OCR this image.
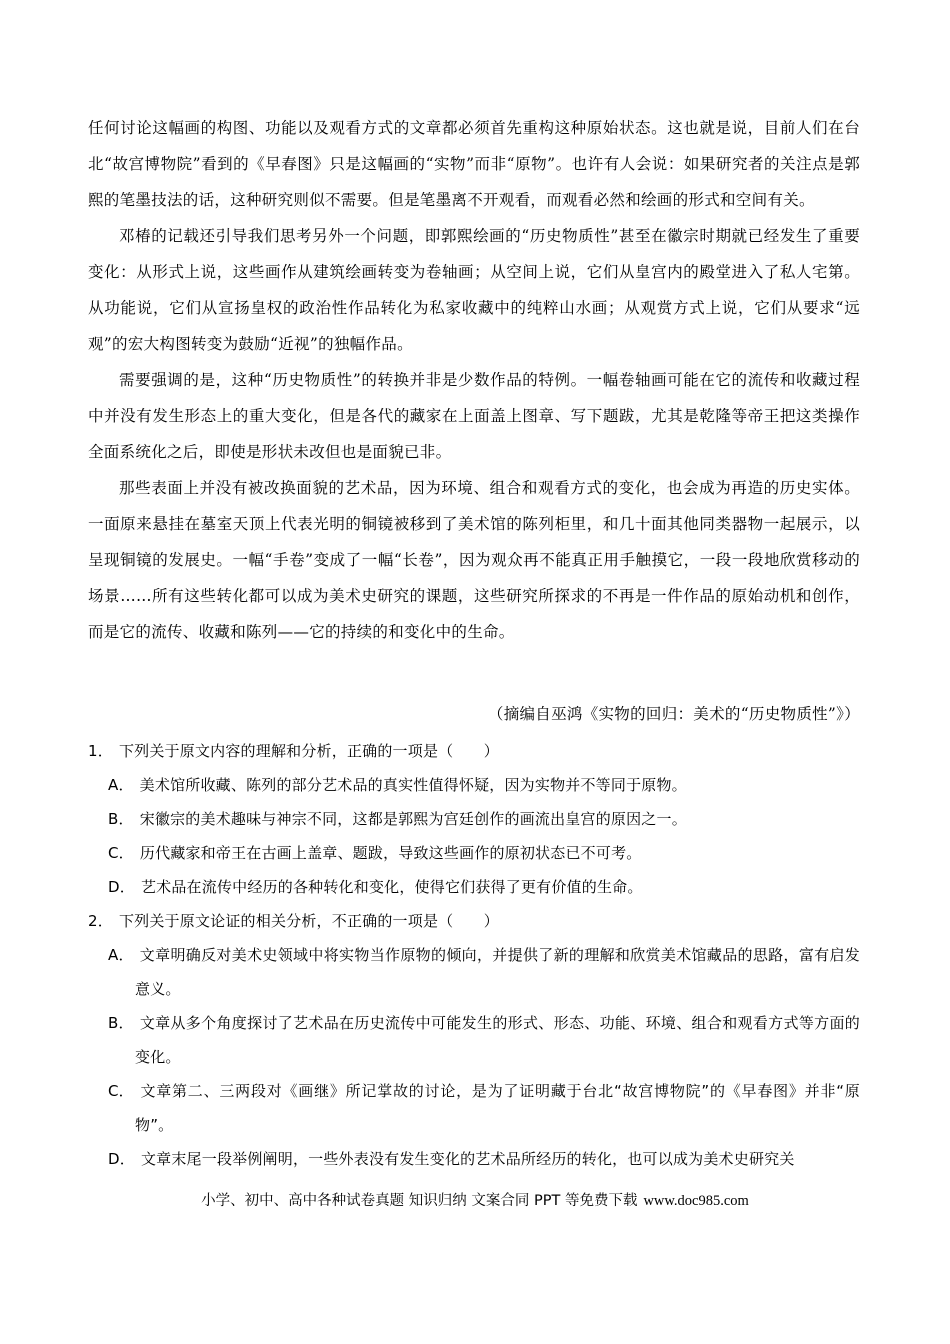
任何讨论这幅画的构图、功能以及观看方式的文章都必须首先重构这种原始状态。这也就是说，目前人们在台北“故宫博物院”看到的《早春图》只是这幅画的“实物”而非“原物”。也许有人会说：如果研究者的关注点是郭熙的笔墨技法的话，这种研究则似不需要。但是笔墨离不开观看，而观看必然和绘画的形式和空间有关。

邓椿的记载还引导我们思考另外一个问题，即郭熙绘画的“历史物质性”甚至在徽宗时期就已经发生了重要变化：从形式上说，这些画作从建筑绘画转变为卷轴画；从空间上说，它们从皇宫内的殿堂进入了私人宅第。从功能说，它们从宣扬皇权的政治性作品转化为私家收藏中的纯粹山水画；从观赏方式上说，它们从要求“远观”的宏大构图转变为鼓励“近视”的独幅作品。

需要强调的是，这种“历史物质性”的转换并非是少数作品的特例。一幅卷轴画可能在它的流传和收藏过程中并没有发生形态上的重大变化，但是各代的藏家在上面盖上图章、写下题跋，尤其是乾隆等帝王把这类操作全面系统化之后，即使是形状未改但也是面貌已非。

那些表面上并没有被改换面貌的艺术品，因为环境、组合和观看方式的变化，也会成为再造的历史实体。一面原来悬挂在墓室天顶上代表光明的铜镜被移到了美术馆的陈列柜里，和几十面其他同类器物一起展示，以呈现铜镜的发展史。一幅“手卷”变成了一幅“长卷”，因为观众再不能真正用手触摸它，一段一段地欣赏移动的场景……所有这些转化都可以成为美术史研究的课题，这些研究所探求的不再是一件作品的原始动机和创作，而是它的流传、收藏和陈列——它的持续的和变化中的生命。

（摘编自巫鸿《实物的回归：美术的“历史物质性”》）

1． 下列关于原文内容的理解和分析，正确的一项是（　　）

A． 美术馆所收藏、陈列的部分艺术品的真实性值得怀疑，因为实物并不等同于原物。

B． 宋徽宗的美术趣味与神宗不同，这都是郭熙为宫廷创作的画流出皇宫的原因之一。

C． 历代藏家和帝王在古画上盖章、题跋，导致这些画作的原初状态已不可考。

D． 艺术品在流传中经历的各种转化和变化，使得它们获得了更有价值的生命。

2． 下列关于原文论证的相关分析，不正确的一项是（　　）

A． 文章明确反对美术史领域中将实物当作原物的倾向，并提供了新的理解和欣赏美术馆藏品的思路，富有启发意义。

B． 文章从多个角度探讨了艺术品在历史流传中可能发生的形式、形态、功能、环境、组合和观看方式等方面的变化。

C． 文章第二、三两段对《画继》所记掌故的讨论，是为了证明藏于台北“故宫博物院”的《早春图》并非“原物”。

D． 文章末尾一段举例阐明，一些外表没有发生变化的艺术品所经历的转化，也可以成为美术史研究关

小学、初中、高中各种试卷真题 知识归纳 文案合同 PPT 等免费下载 www.doc985.com
